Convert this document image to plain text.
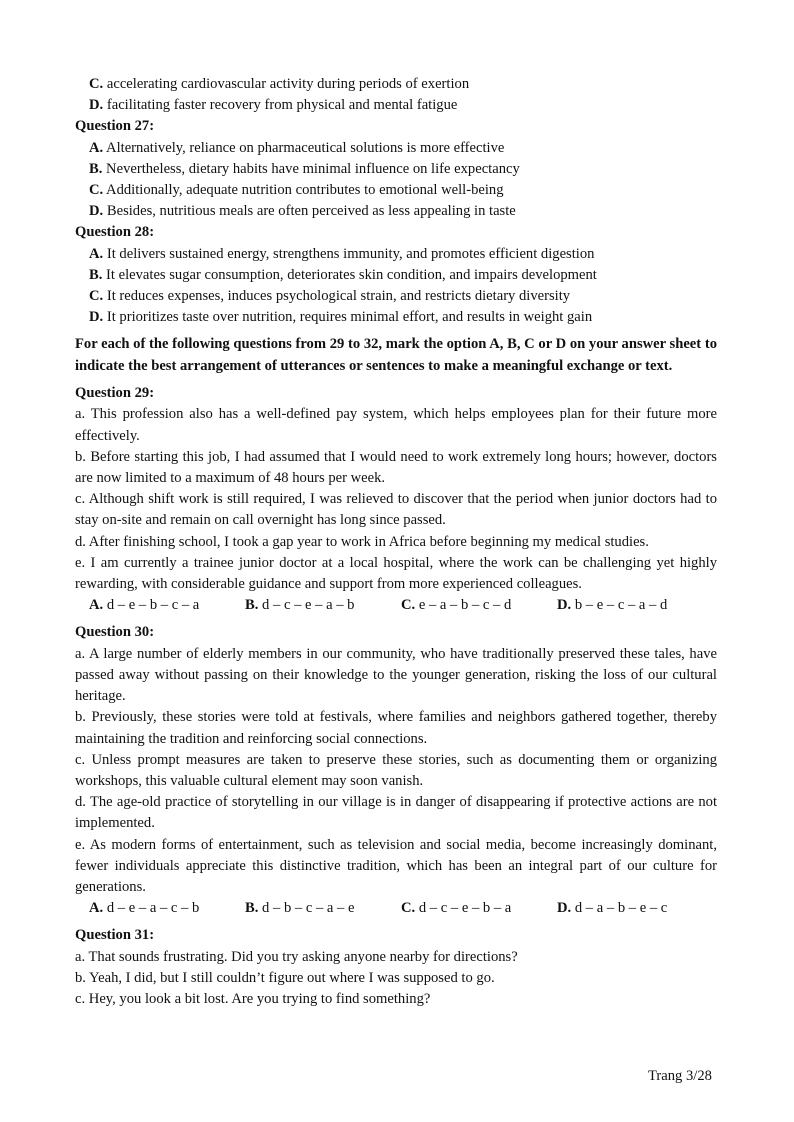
C. accelerating cardiovascular activity during periods of exertion
D. facilitating faster recovery from physical and mental fatigue
Question 27:
A. Alternatively, reliance on pharmaceutical solutions is more effective
B. Nevertheless, dietary habits have minimal influence on life expectancy
C. Additionally, adequate nutrition contributes to emotional well-being
D. Besides, nutritious meals are often perceived as less appealing in taste
Question 28:
A. It delivers sustained energy, strengthens immunity, and promotes efficient digestion
B. It elevates sugar consumption, deteriorates skin condition, and impairs development
C. It reduces expenses, induces psychological strain, and restricts dietary diversity
D. It prioritizes taste over nutrition, requires minimal effort, and results in weight gain
For each of the following questions from 29 to 32, mark the option A, B, C or D on your answer sheet to indicate the best arrangement of utterances or sentences to make a meaningful exchange or text.
Question 29:
a. This profession also has a well-defined pay system, which helps employees plan for their future more effectively.
b. Before starting this job, I had assumed that I would need to work extremely long hours; however, doctors are now limited to a maximum of 48 hours per week.
c. Although shift work is still required, I was relieved to discover that the period when junior doctors had to stay on-site and remain on call overnight has long since passed.
d. After finishing school, I took a gap year to work in Africa before beginning my medical studies.
e. I am currently a trainee junior doctor at a local hospital, where the work can be challenging yet highly rewarding, with considerable guidance and support from more experienced colleagues.
A. d – e – b – c – a	B. d – c – e – a – b	C. e – a – b – c – d	D. b – e – c – a – d
Question 30:
a. A large number of elderly members in our community, who have traditionally preserved these tales, have passed away without passing on their knowledge to the younger generation, risking the loss of our cultural heritage.
b. Previously, these stories were told at festivals, where families and neighbors gathered together, thereby maintaining the tradition and reinforcing social connections.
c. Unless prompt measures are taken to preserve these stories, such as documenting them or organizing workshops, this valuable cultural element may soon vanish.
d. The age-old practice of storytelling in our village is in danger of disappearing if protective actions are not implemented.
e. As modern forms of entertainment, such as television and social media, become increasingly dominant, fewer individuals appreciate this distinctive tradition, which has been an integral part of our culture for generations.
A. d – e – a – c – b	B. d – b – c – a – e	C. d – c – e – b – a	D. d – a – b – e – c
Question 31:
a. That sounds frustrating. Did you try asking anyone nearby for directions?
b. Yeah, I did, but I still couldn’t figure out where I was supposed to go.
c. Hey, you look a bit lost. Are you trying to find something?
Trang 3/28
